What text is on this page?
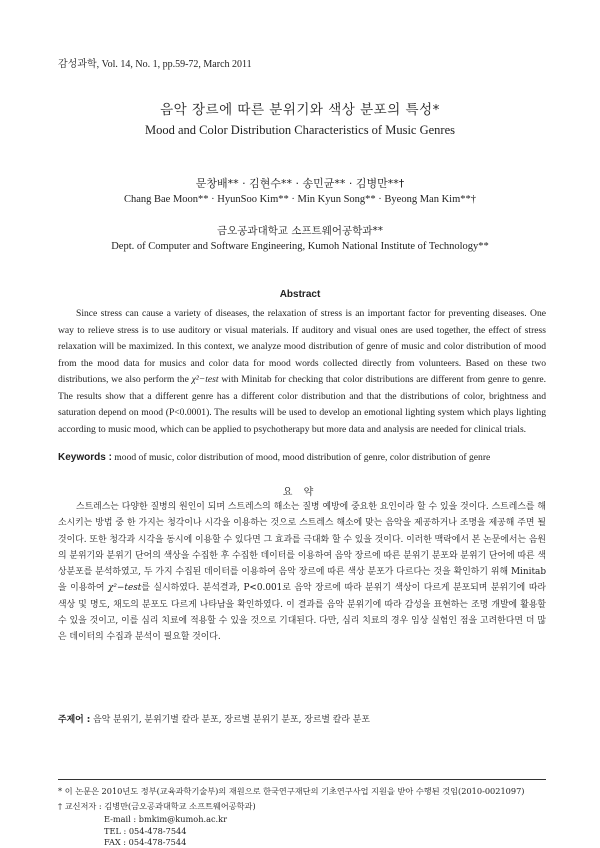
감성과학, Vol. 14, No. 1, pp.59-72, March 2011
음악 장르에 따른 분위기와 색상 분포의 특성*
Mood and Color Distribution Characteristics of Music Genres
문창배** · 김현수** · 송민균** · 김병만**†
Chang Bae Moon** · HyunSoo Kim** · Min Kyun Song** · Byeong Man Kim**†
금오공과대학교 소프트웨어공학과**
Dept. of Computer and Software Engineering, Kumoh National Institute of Technology**
Abstract

Since stress can cause a variety of diseases, the relaxation of stress is an important factor for preventing diseases. One way to relieve stress is to use auditory or visual materials. If auditory and visual ones are used together, the effect of stress relaxation will be maximized. In this context, we analyze mood distribution of genre of music and color distribution of mood from the mood data for musics and color data for mood words collected directly from volunteers. Based on these two distributions, we also perform the χ²−test with Minitab for checking that color distributions are different from genre to genre. The results show that a different genre has a different color distribution and that the distributions of color, brightness and saturation depend on mood (P<0.0001). The results will be used to develop an emotional lighting system which plays lighting according to music mood, which can be applied to psychotherapy but more data and analysis are needed for clinical trials.

Keywords : mood of music, color distribution of mood, mood distribution of genre, color distribution of genre
요 약

스트레스는 다양한 질병의 원인이 되며 스트레스의 해소는 질병 예방에 중요한 요인이라 할 수 있을 것이다. 스트레스를 해소시키는 방법 중 한 가지는 청각이나 시각을 이용하는 것으로 스트레스 해소에 맞는 음악을 제공하거나 조명을 제공해 주면 될 것이다. 또한 청각과 시각을 동시에 이용할 수 있다면 그 효과를 극대화 할 수 있을 것이다. 이러한 맥락에서 본 논문에서는 음원의 분위기와 분위기 단어의 색상을 수집한 후 수집한 데이터를 이용하여 음악 장르에 따른 분위기 분포와 분위기 단어에 따른 색상분포를 분석하였고, 두 가지 수집된 데이터를 이용하여 음악 장르에 따른 색상 분포가 다르다는 것을 확인하기 위해 Minitab을 이용하여 χ²−test를 실시하였다. 분석결과, P<0.001로 음악 장르에 따라 분위기 색상이 다르게 분포되며 분위기에 따라 색상 및 명도, 채도의 분포도 다르게 나타남을 확인하였다. 이 결과를 음악 분위기에 따라 감성을 표현하는 조명 개발에 활용할 수 있을 것이고, 이를 심리 치료에 적용할 수 있을 것으로 기대된다. 다만, 심리 치료의 경우 임상 실험인 점을 고려한다면 더 많은 데이터의 수집과 분석이 필요할 것이다.

주제어 : 음악 분위기, 분위기별 칼라 분포, 장르별 분위기 분포, 장르별 칼라 분포
* 이 논문은 2010년도 정부(교육과학기술부)의 재원으로 한국연구재단의 기초연구사업 지원을 받아 수행된 것임(2010-0021097)
† 교신저자 : 김병만(금오공과대학교 소프트웨어공학과)
E-mail : bmkim@kumoh.ac.kr
TEL : 054-478-7544
FAX : 054-478-7544
